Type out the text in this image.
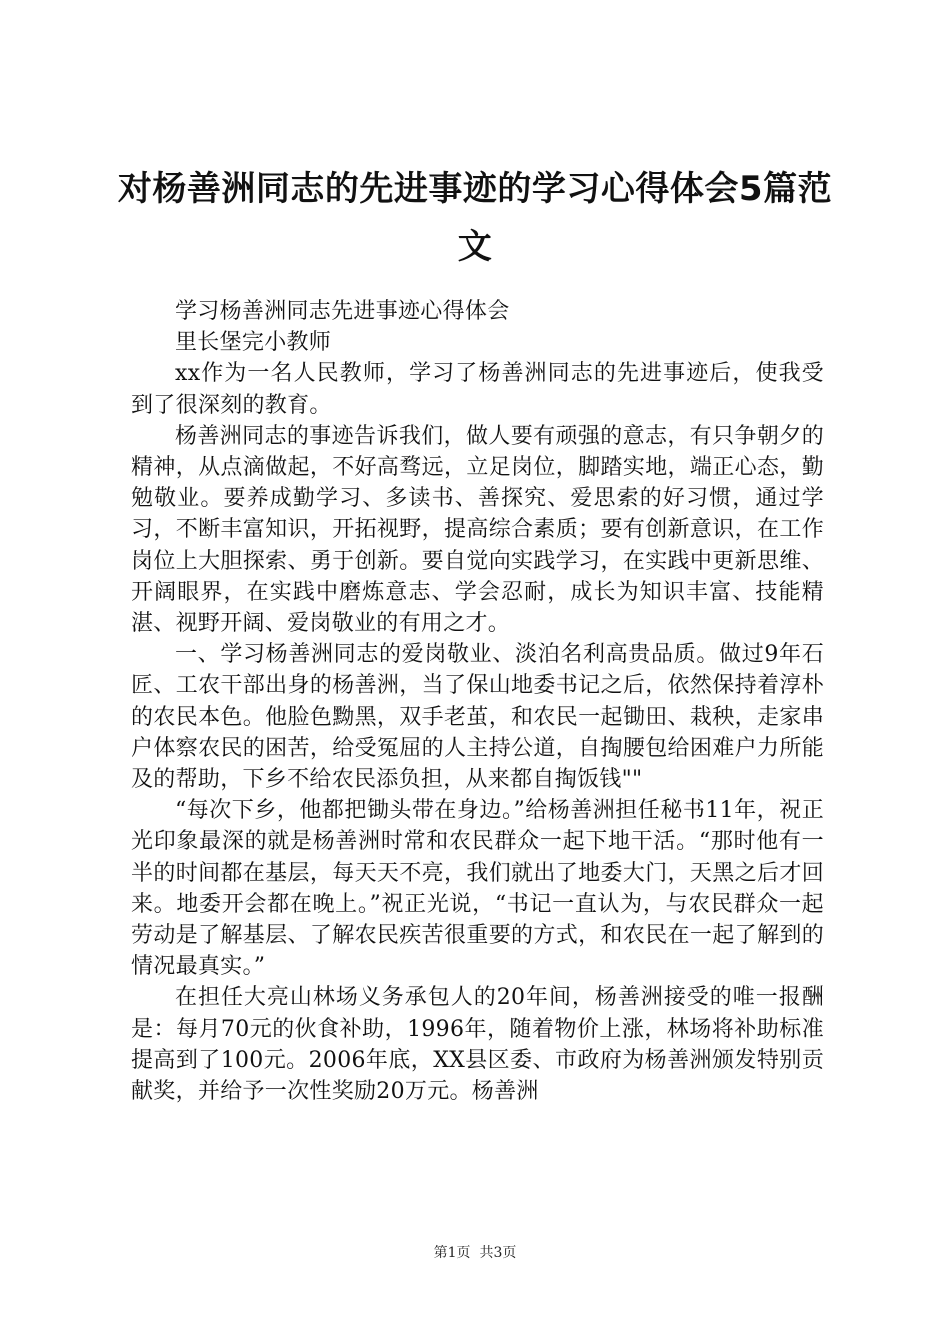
对杨善洲同志的先进事迹的学习心得体会5篇范文

学习杨善洲同志先进事迹心得体会

里长堡完小教师

xx作为一名人民教师，学习了杨善洲同志的先进事迹后，使我受到了很深刻的教育。

杨善洲同志的事迹告诉我们，做人要有顽强的意志，有只争朝夕的精神，从点滴做起，不好高骛远，立足岗位，脚踏实地，端正心态，勤勉敬业。要养成勤学习、多读书、善探究、爱思索的好习惯，通过学习，不断丰富知识，开拓视野，提高综合素质；要有创新意识，在工作岗位上大胆探索、勇于创新。要自觉向实践学习，在实践中更新思维、开阔眼界，在实践中磨炼意志、学会忍耐，成长为知识丰富、技能精湛、视野开阔、爱岗敬业的有用之才。

一、学习杨善洲同志的爱岗敬业、淡泊名利高贵品质。做过9年石匠、工农干部出身的杨善洲，当了保山地委书记之后，依然保持着淳朴的农民本色。他脸色黝黑，双手老茧，和农民一起锄田、栽秧，走家串户体察农民的困苦，给受冤屈的人主持公道，自掏腰包给困难户力所能及的帮助，下乡不给农民添负担，从来都自掏饭钱""

“每次下乡，他都把锄头带在身边。”给杨善洲担任秘书11年，祝正光印象最深的就是杨善洲时常和农民群众一起下地干活。“那时他有一半的时间都在基层，每天天不亮，我们就出了地委大门，天黑之后才回来。地委开会都在晚上。”祝正光说，“书记一直认为，与农民群众一起劳动是了解基层、了解农民疾苦很重要的方式，和农民在一起了解到的情况最真实。”

在担任大亮山林场义务承包人的20年间，杨善洲接受的唯一报酬是：每月70元的伙食补助，1996年，随着物价上涨，林场将补助标准提高到了100元。2006年底，XX县区委、市政府为杨善洲颁发特别贡献奖，并给予一次性奖励20万元。杨善洲

第1页 共3页
